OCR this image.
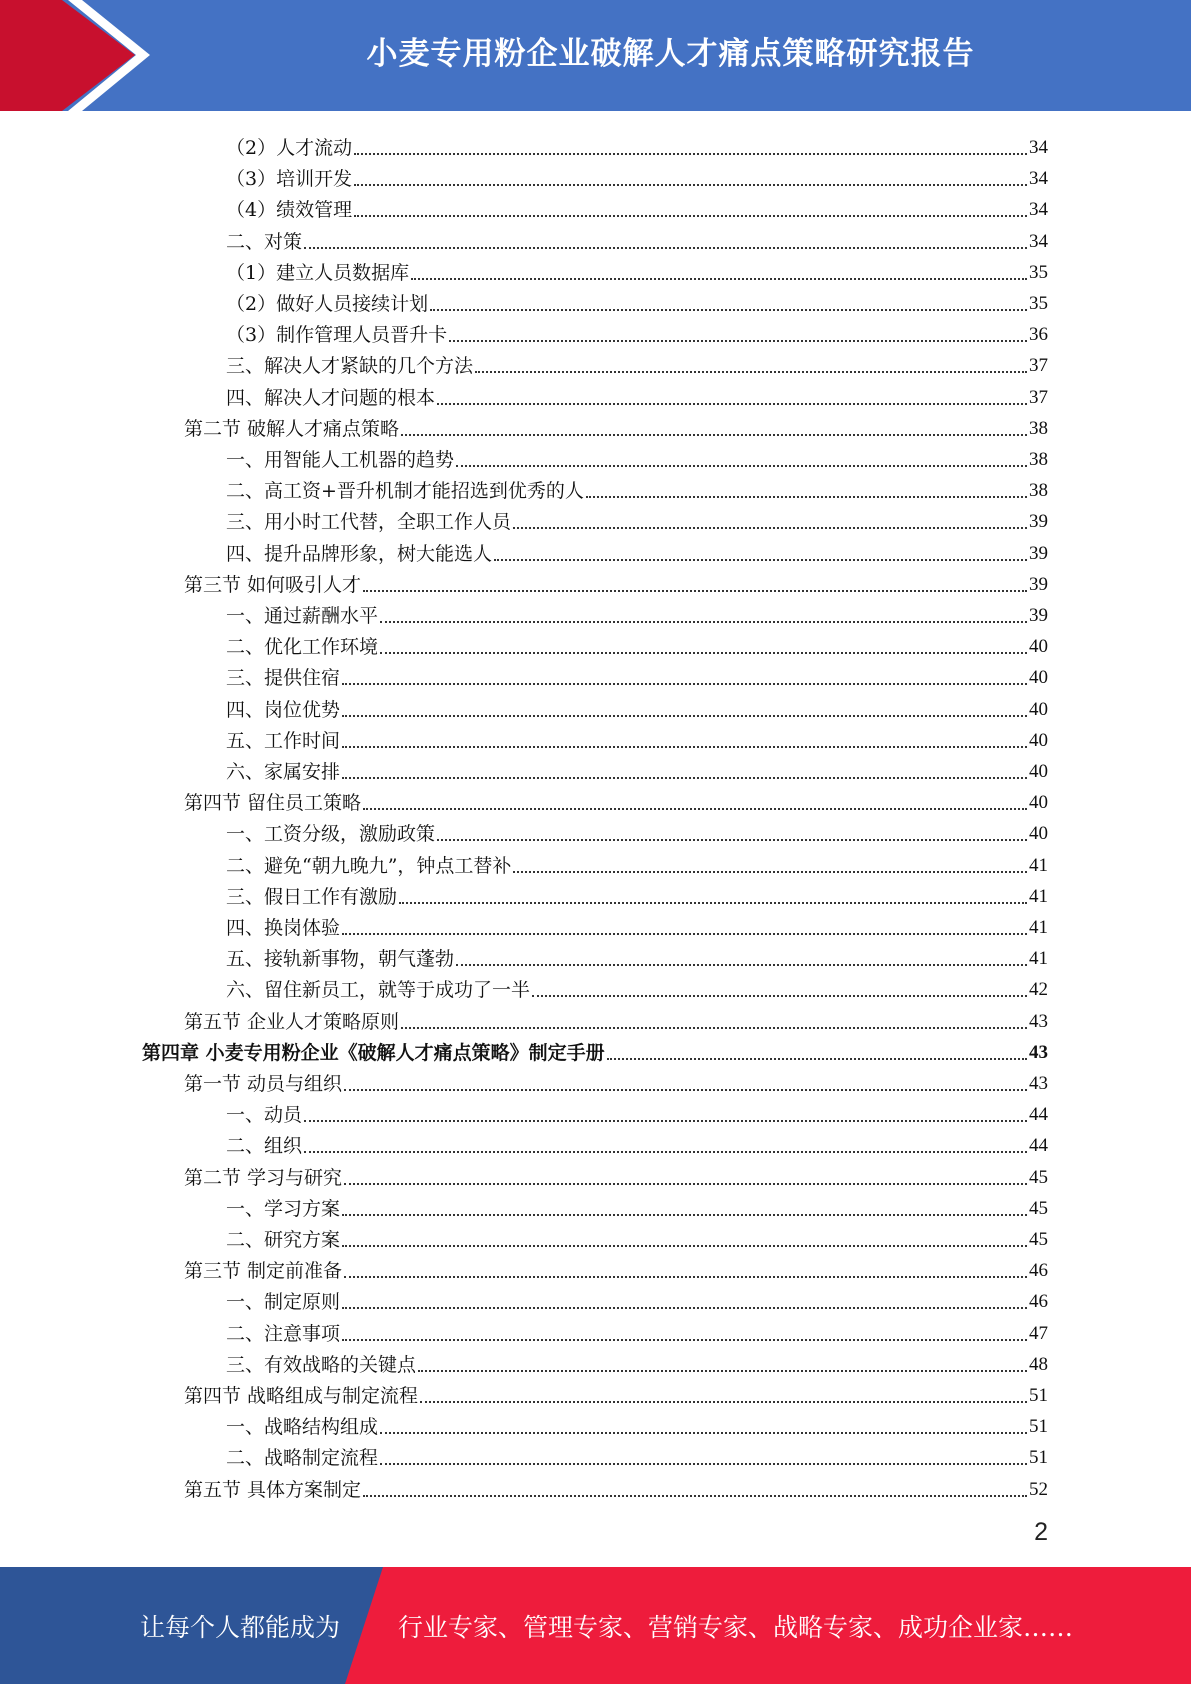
小麦专用粉企业破解人才痛点策略研究报告
（2）人才流动	34
（3）培训开发	34
（4）绩效管理	34
二、对策	34
（1）建立人员数据库	35
（2）做好人员接续计划	35
（3）制作管理人员晋升卡	36
三、解决人才紧缺的几个方法	37
四、解决人才问题的根本	37
第二节 破解人才痛点策略	38
一、用智能人工机器的趋势	38
二、高工资+晋升机制才能招选到优秀的人	38
三、用小时工代替，全职工作人员	39
四、提升品牌形象，树大能选人	39
第三节 如何吸引人才	39
一、通过薪酬水平	39
二、优化工作环境	40
三、提供住宿	40
四、岗位优势	40
五、工作时间	40
六、家属安排	40
第四节 留住员工策略	40
一、工资分级，激励政策	40
二、避免“朝九晚九”，钟点工替补	41
三、假日工作有激励	41
四、换岗体验	41
五、接轨新事物，朝气蓬勃	41
六、留住新员工，就等于成功了一半	42
第五节 企业人才策略原则	43
第四章 小麦专用粉企业《破解人才痛点策略》制定手册	43
第一节 动员与组织	43
一、动员	44
二、组织	44
第二节 学习与研究	45
一、学习方案	45
二、研究方案	45
第三节 制定前准备	46
一、制定原则	46
二、注意事项	47
三、有效战略的关键点	48
第四节 战略组成与制定流程	51
一、战略结构组成	51
二、战略制定流程	51
第五节 具体方案制定	52
2
让每个人都能成为 行业专家、管理专家、营销专家、战略专家、成功企业家……
